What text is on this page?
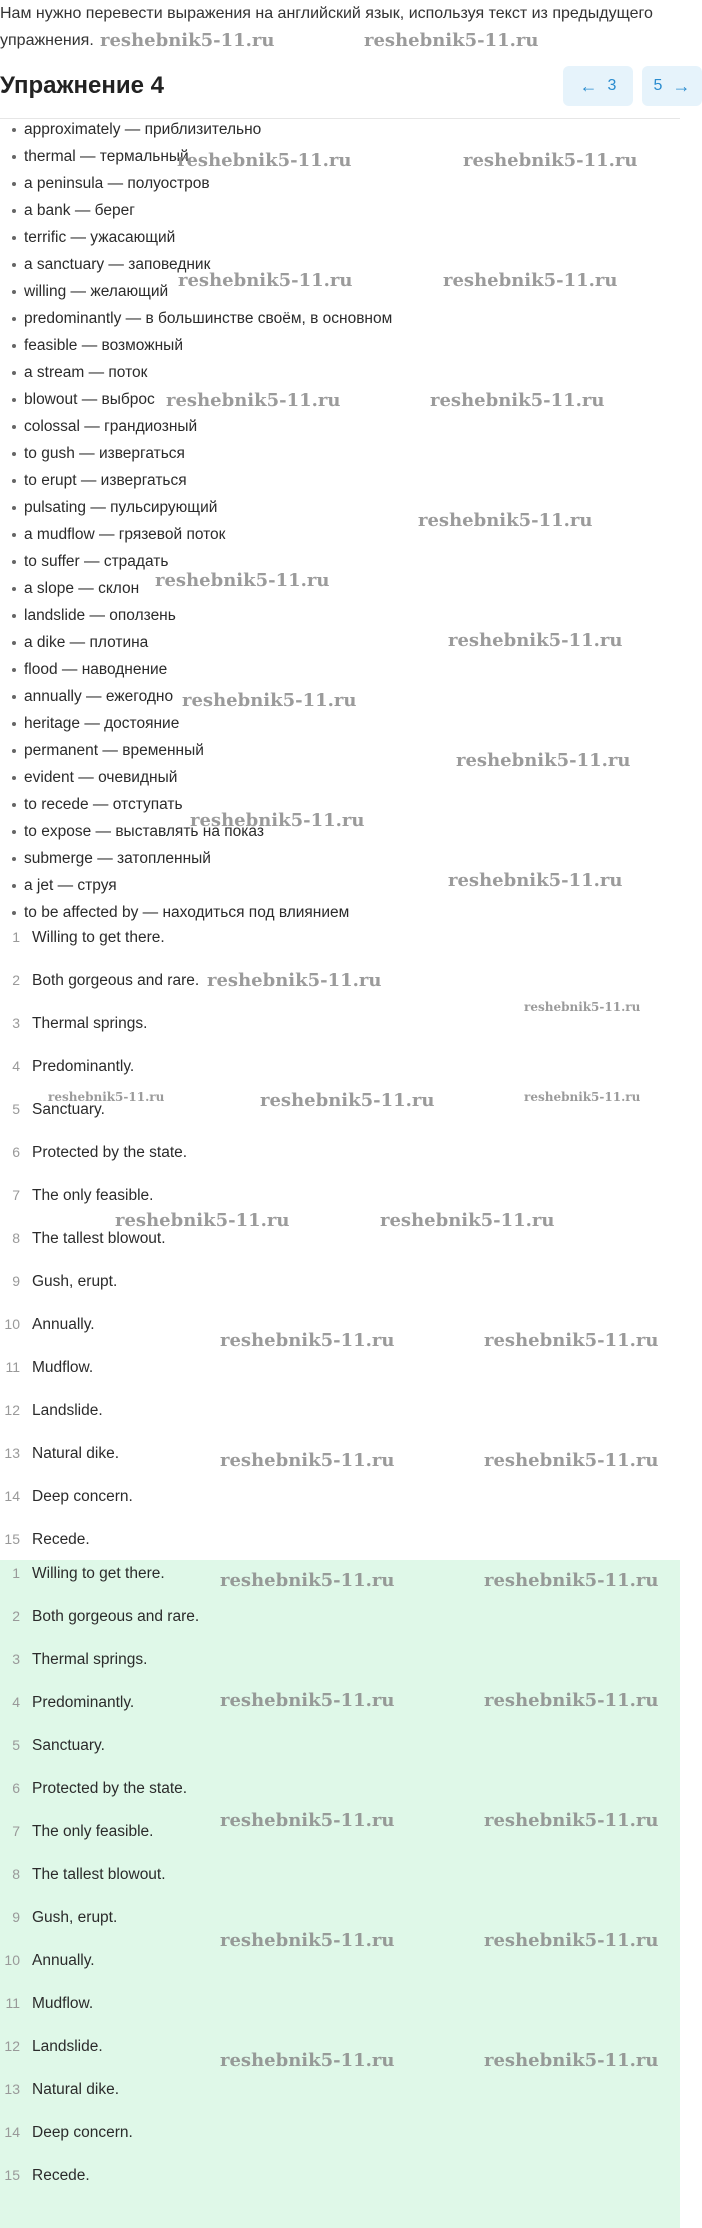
Нам нужно перевести выражения на английский язык, используя текст из предыдущего упражнения.
Упражнение 4	← 3 5 →
approximately — приблизительно
thermal — термальный
a peninsula — полуостров
a bank — берег
terrific — ужасающий
a sanctuary — заповедник
willing — желающий
predominantly — в большинстве своём, в основном
feasible — возможный
a stream — поток
blowout — выброс
colossal — грандиозный
to gush — извергаться
to erupt — извергаться
pulsating — пульсирующий
a mudflow — грязевой поток
to suffer — страдать
a slope — склон
landslide — оползень
a dike — плотина
flood — наводнение
annually — ежегодно
heritage — достояние
permanent — временный
evident — очевидный
to recede — отступать
to expose — выставлять на показ
submerge — затопленный
a jet — струя
to be affected by — находиться под влиянием
1 Willing to get there.
2 Both gorgeous and rare.
3 Thermal springs.
4 Predominantly.
5 Sanctuary.
6 Protected by the state.
7 The only feasible.
8 The tallest blowout.
9 Gush, erupt.
10 Annually.
11 Mudflow.
12 Landslide.
13 Natural dike.
14 Deep concern.
15 Recede.
1 Willing to get there.
2 Both gorgeous and rare.
3 Thermal springs.
4 Predominantly.
5 Sanctuary.
6 Protected by the state.
7 The only feasible.
8 The tallest blowout.
9 Gush, erupt.
10 Annually.
11 Mudflow.
12 Landslide.
13 Natural dike.
14 Deep concern.
15 Recede.
reshebnik5-11.ru	reshebnik5-11.ru
reshebnik5-11.ru	reshebnik5-11.ru
reshebnik5-11.ru	reshebnik5-11.ru
reshebnik5-11.ru	reshebnik5-11.ru
reshebnik5-11.ru
reshebnik5-11.ru
reshebnik5-11.ru
reshebnik5-11.ru
reshebnik5-11.ru
reshebnik5-11.ru
reshebnik5-11.ru
reshebnik5-11.ru
reshebnik5-11.ru
reshebnik5-11.ru
reshebnik5-11.ru	reshebnik5-11.ru
reshebnik5-11.ru	reshebnik5-11.ru
reshebnik5-11.ru	reshebnik5-11.ru
reshebnik5-11.ru	reshebnik5-11.ru
reshebnik5-11.ru	reshebnik5-11.ru
reshebnik5-11.ru	reshebnik5-11.ru
reshebnik5-11.ru	reshebnik5-11.ru
reshebnik5-11.ru	reshebnik5-11.ru
reshebnik5-11.ru	reshebnik5-11.ru
